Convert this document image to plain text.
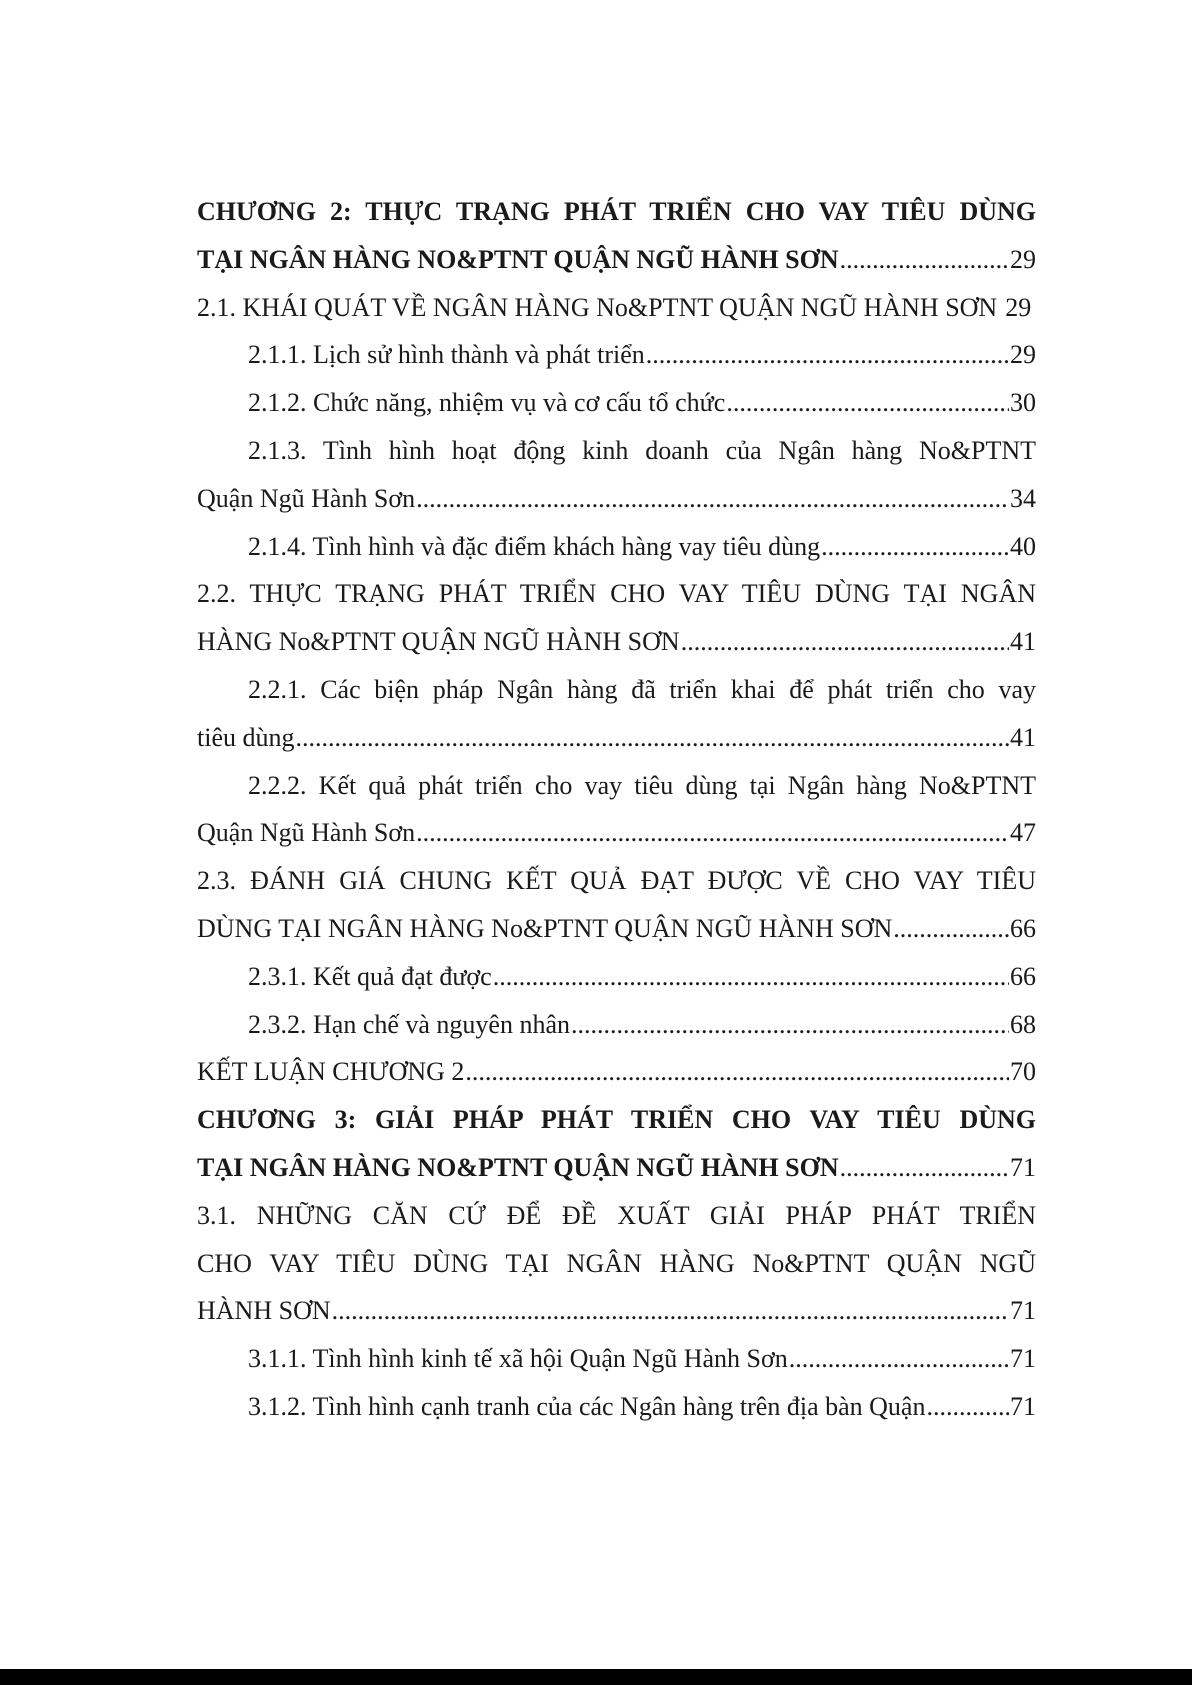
CHƯƠNG 2: THỰC TRẠNG PHÁT TRIỂN CHO VAY TIÊU DÙNG
TẠI NGÂN HÀNG NO&PTNT QUẬN NGŨ HÀNH SƠN .....	29
2.1. KHÁI QUÁT VỀ NGÂN HÀNG No&PTNT QUẬN NGŨ HÀNH SƠN 29
2.1.1. Lịch sử hình thành và phát triển .....	29
2.1.2. Chức năng, nhiệm vụ và cơ cấu tổ chức .....	30
2.1.3. Tình hình hoạt động kinh doanh của Ngân hàng No&PTNT
Quận Ngũ Hành Sơn .....	34
2.1.4. Tình hình và đặc điểm khách hàng vay tiêu dùng .....	40
2.2. THỰC TRẠNG PHÁT TRIỂN CHO VAY TIÊU DÙNG TẠI NGÂN
HÀNG No&PTNT QUẬN NGŨ HÀNH SƠN .....	41
2.2.1. Các biện pháp Ngân hàng đã triển khai để phát triển cho vay
tiêu dùng .....	41
2.2.2. Kết quả phát triển cho vay tiêu dùng tại Ngân hàng No&PTNT
Quận Ngũ Hành Sơn .....	47
2.3. ĐÁNH GIÁ CHUNG KẾT QUẢ ĐẠT ĐƯỢC VỀ CHO VAY TIÊU
DÙNG TẠI NGÂN HÀNG No&PTNT QUẬN NGŨ HÀNH SƠN .....	66
2.3.1. Kết quả đạt được .....	66
2.3.2. Hạn chế và nguyên nhân .....	68
KẾT LUẬN CHƯƠNG 2 .....	70
CHƯƠNG 3: GIẢI PHÁP PHÁT TRIỂN CHO VAY TIÊU DÙNG
TẠI NGÂN HÀNG NO&PTNT QUẬN NGŨ HÀNH SƠN .....	71
3.1. NHỮNG CĂN CỨ ĐỂ ĐỀ XUẤT GIẢI PHÁP PHÁT TRIỂN
CHO VAY TIÊU DÙNG TẠI NGÂN HÀNG No&PTNT QUẬN NGŨ
HÀNH SƠN .....	71
3.1.1. Tình hình kinh tế xã hội Quận Ngũ Hành Sơn .....	71
3.1.2. Tình hình cạnh tranh của các Ngân hàng trên địa bàn Quận .....	71
